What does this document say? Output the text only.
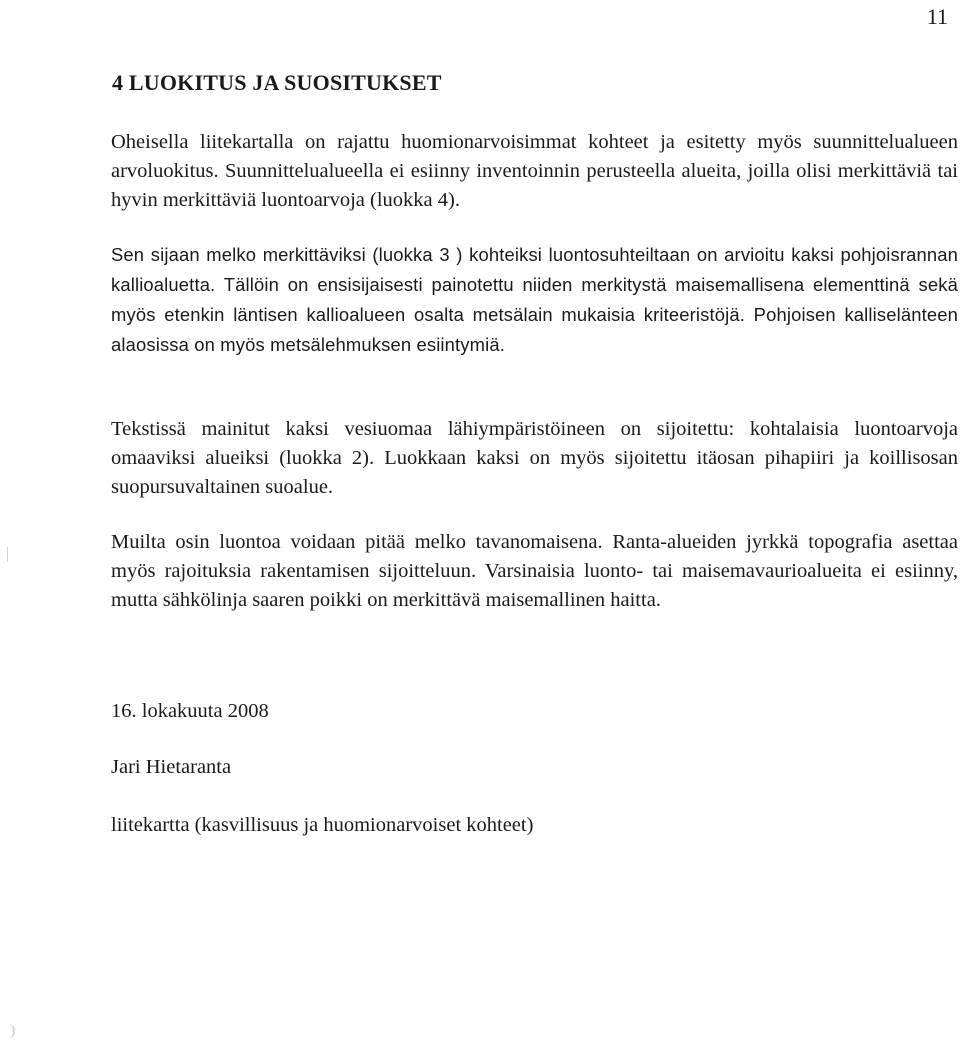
11
4 LUOKITUS JA SUOSITUKSET

Oheisella liitekartalla on rajattu huomionarvoisimmat kohteet ja esitetty myös suunnittelualueen arvoluokitus. Suunnittelualueella ei esiinny inventoinnin perusteella alueita, joilla olisi merkittäviä tai hyvin merkittäviä luontoarvoja (luokka 4).

Sen sijaan melko merkittäviksi (luokka 3 ) kohteiksi luontosuhteiltaan on arvioitu kaksi pohjoisrannan kallioaluetta. Tällöin on ensisijaisesti painotettu niiden merkitystä maisemallisena elementtinä sekä myös etenkin läntisen kallioalueen osalta metsälain mukaisia kriteeristöjä. Pohjoisen kalliselänteen alaosissa on myös metsälehmuksen esiintymiä.

Tekstissä mainitut kaksi vesiuomaa lähiympäristöineen on sijoitettu: kohtalaisia luontoarvoja omaaviksi alueiksi (luokka 2). Luokkaan kaksi on myös sijoitettu itäosan pihapiiri ja koillisosan suopursuvaltainen suoalue.

Muilta osin luontoa voidaan pitää melko tavanomaisena. Ranta-alueiden jyrkkä topografia asettaa myös rajoituksia rakentamisen sijoitteluun. Varsinaisia luonto- tai maisemavaurioalueita ei esiinny, mutta sähkölinja saaren poikki on merkittävä maisemallinen haitta.

16. lokakuuta 2008
Jari Hietaranta
liitekartta (kasvillisuus ja huomionarvoiset kohteet)
|
)
